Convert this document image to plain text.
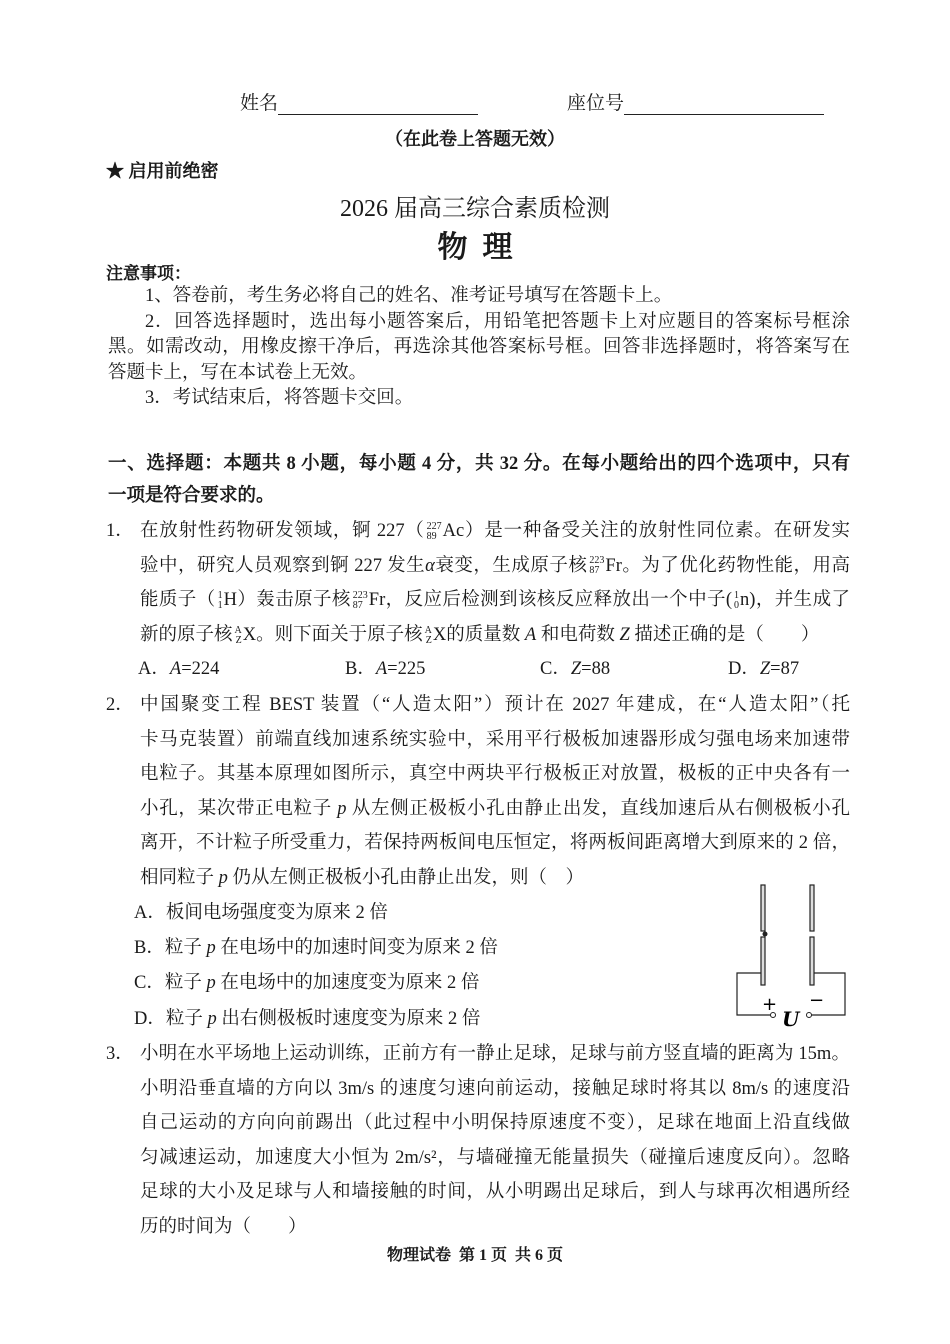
姓名	座位号
（在此卷上答题无效）
★ 启用前绝密
2026 届高三综合素质检测
物  理
注意事项：
1、答卷前，考生务必将自己的姓名、准考证号填写在答题卡上。
2．回答选择题时，选出每小题答案后，用铅笔把答题卡上对应题目的答案标号框涂
黑。如需改动，用橡皮擦干净后，再选涂其他答案标号框。回答非选择题时，将答案写在
答题卡上，写在本试卷上无效。
3．考试结束后，将答题卡交回。
一、选择题：本题共 8 小题，每小题 4 分，共 32 分。在每小题给出的四个选项中，只有
一项是符合要求的。
1． 在放射性药物研发领域，锕 227（ 227
89 Ac）是一种备受关注的放射性同位素。在研发实
验中，研究人员观察到锕 227 发生α衰变，生成原子核 223
87 Fr。为了优化药物性能，用高
能质子（ 1
1 H）轰击原子核 223
87 Fr，反应后检测到该核反应释放出一个中子( 1
0 n)，并生成了
新的原子核 A
Z X。则下面关于原子核 A
Z X的质量数 A 和电荷数 Z 描述正确的是（　　）
A．A=224	B．A=225	C．Z=88	D．Z=87
2． 中国聚变工程 BEST 装置（“人造太阳”）预计在 2027 年建成，在“人造太阳”（托
卡马克装置）前端直线加速系统实验中，采用平行极板加速器形成匀强电场来加速带
电粒子。其基本原理如图所示，真空中两块平行极板正对放置，极板的正中央各有一
小孔，某次带正电粒子 p 从左侧正极板小孔由静止出发，直线加速后从右侧极板小孔
离开，不计粒子所受重力，若保持两板间电压恒定，将两板间距离增大到原来的 2 倍，
相同粒子 p 仍从左侧正极板小孔由静止出发，则（　）
A．板间电场强度变为原来 2 倍
B．粒子 p 在电场中的加速时间变为原来 2 倍
C．粒子 p 在电场中的加速度变为原来 2 倍
D．粒子 p 出右侧极板时速度变为原来 2 倍
3． 小明在水平场地上运动训练，正前方有一静止足球，足球与前方竖直墙的距离为 15m。
小明沿垂直墙的方向以 3m/s 的速度匀速向前运动，接触足球时将其以 8m/s 的速度沿
自己运动的方向向前踢出（此过程中小明保持原速度不变），足球在地面上沿直线做
匀减速运动，加速度大小恒为 2m/s²，与墙碰撞无能量损失（碰撞后速度反向）。忽略
足球的大小及足球与人和墙接触的时间，从小明踢出足球后，到人与球再次相遇所经
历的时间为（　　）
+ −
U
物理试卷  第 1 页  共 6 页
